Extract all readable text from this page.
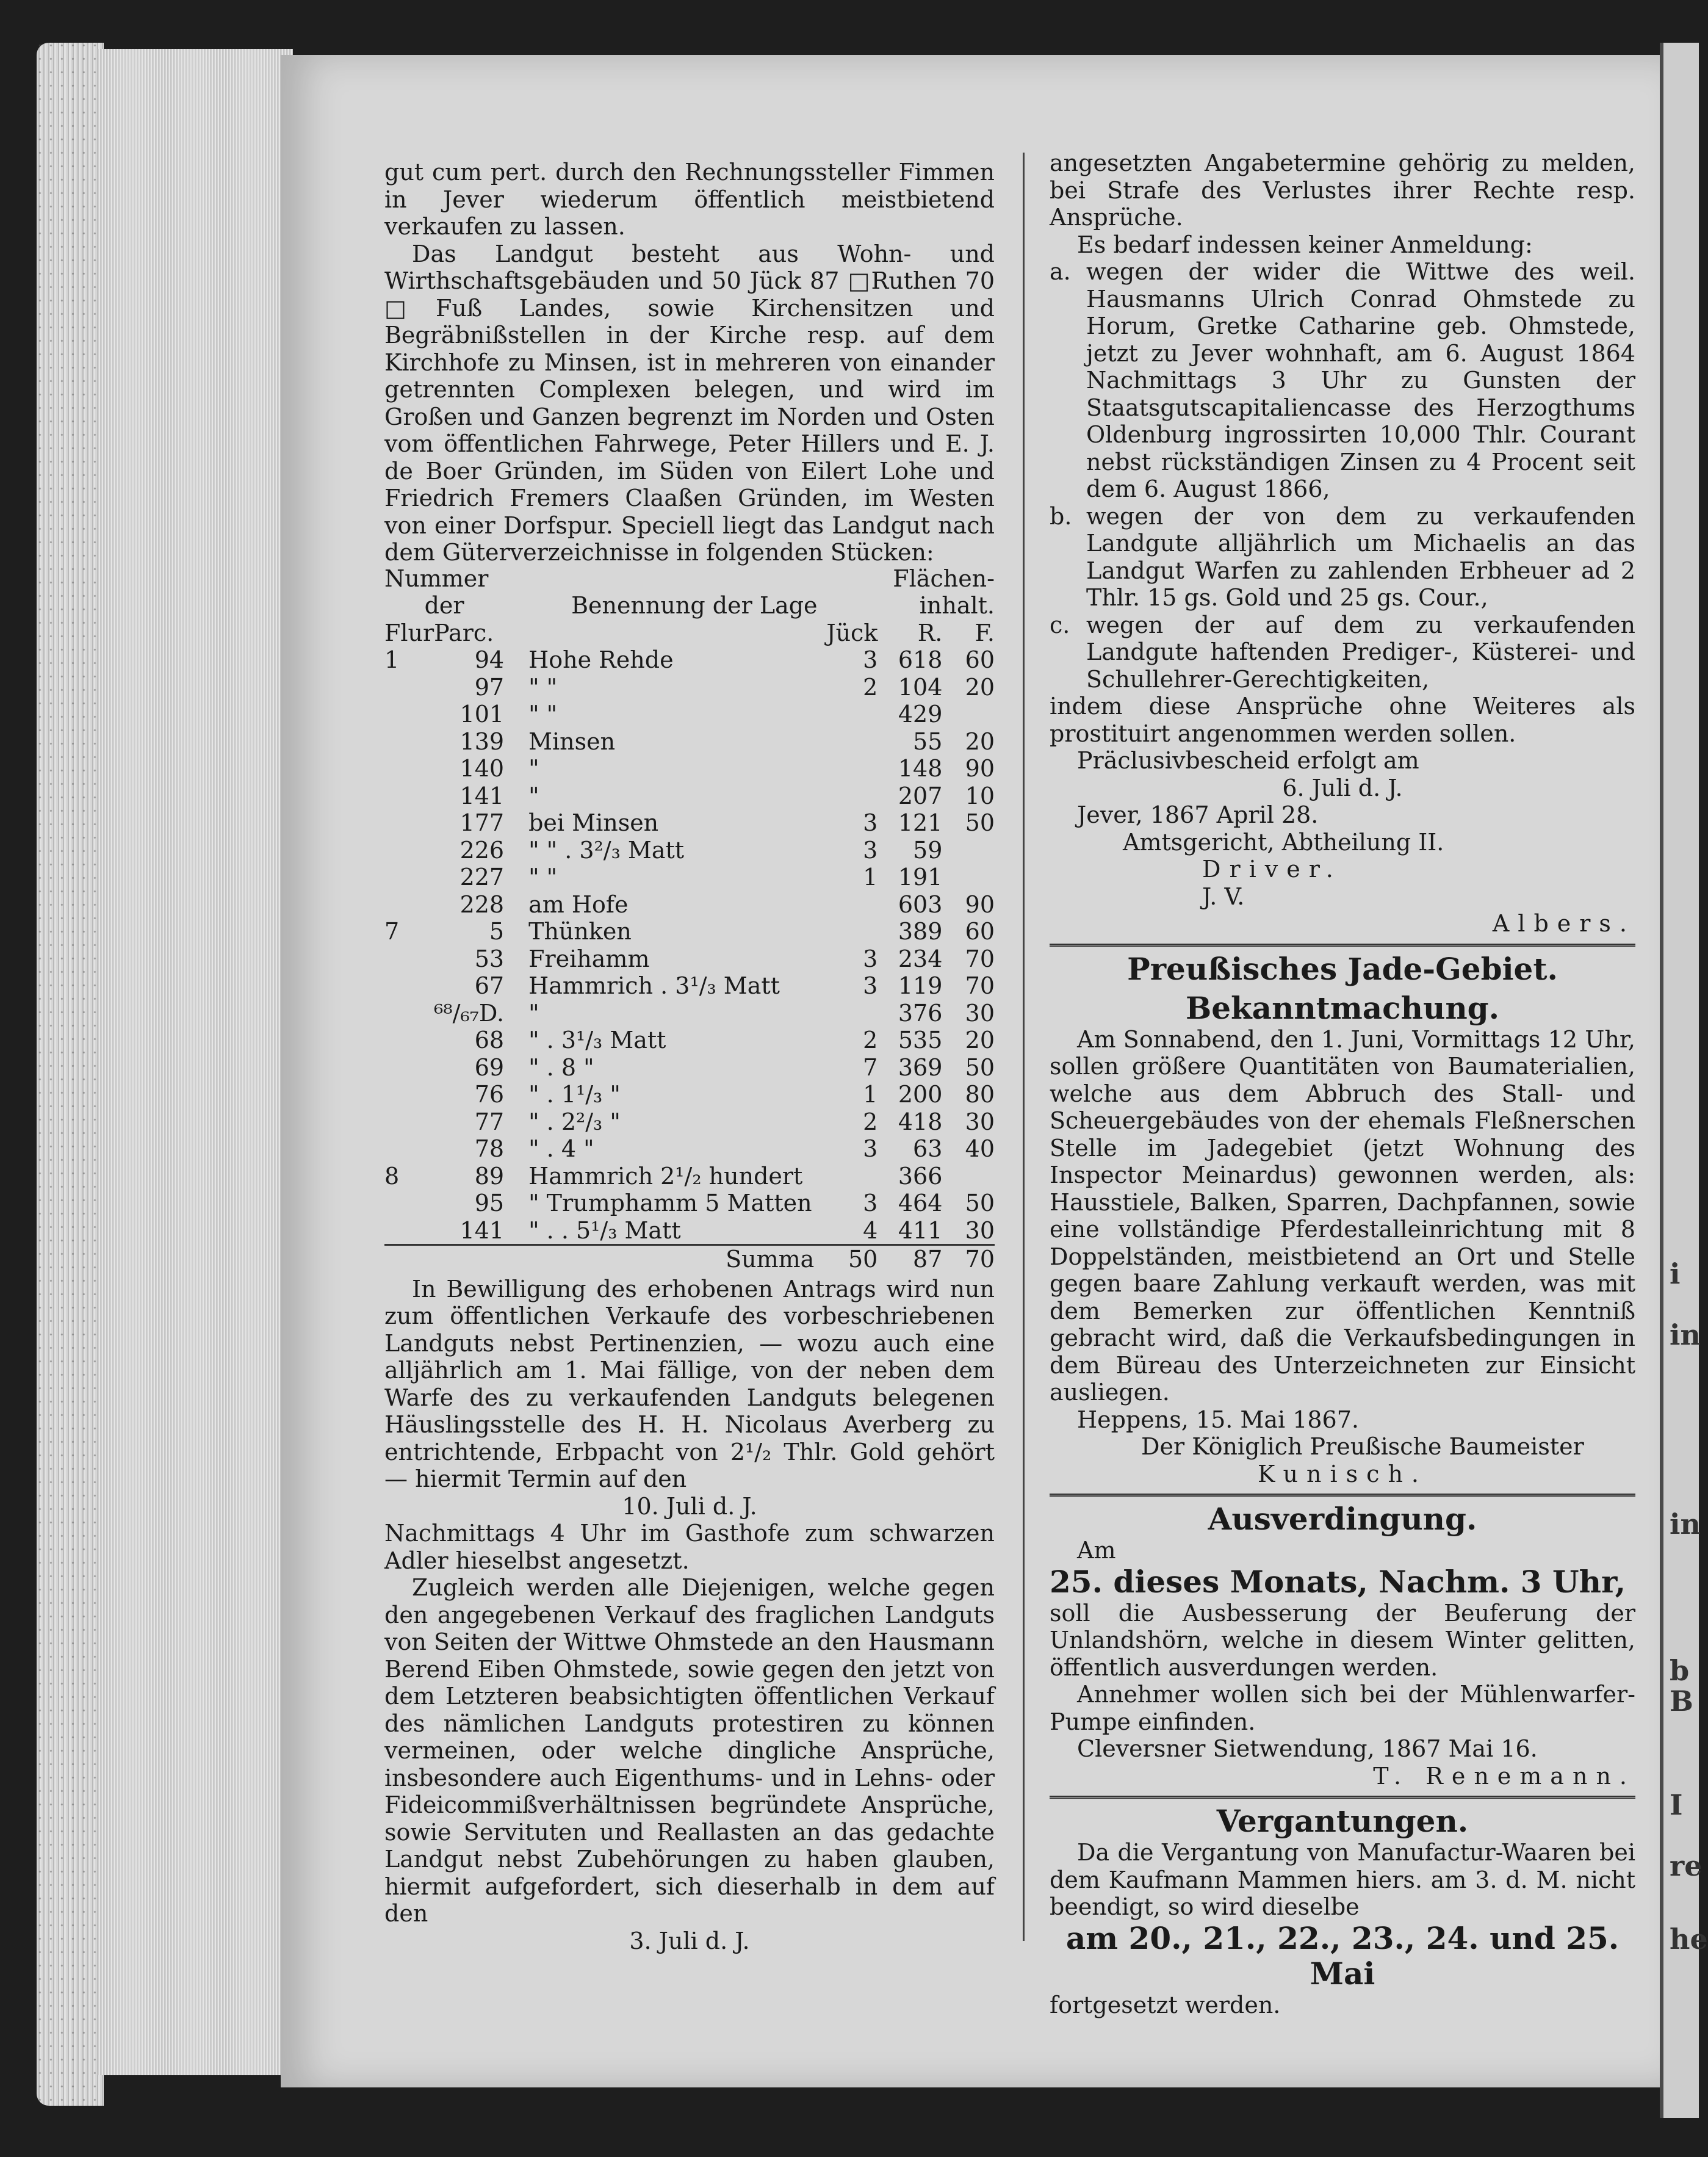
i
in
in
b
B
I
re
he

gut cum pert. durch den Rechnungssteller Fimmen in Jever wiederum öffentlich meistbietend verkaufen zu lassen.

Das Landgut besteht aus Wohn- und Wirthschaftsgebäuden und 50 Jück 87 □Ruthen 70 □Fuß Landes, sowie Kirchensitzen und Begräbnißstellen in der Kirche resp. auf dem Kirchhofe zu Minsen, ist in mehreren von einander getrennten Complexen belegen, und wird im Großen und Ganzen begrenzt im Norden und Osten vom öffentlichen Fahrwege, Peter Hillers und E. J. de Boer Gründen, im Süden von Eilert Lohe und Friedrich Fremers Claaßen Gründen, im Westen von einer Dorfspur. Speciell liegt das Landgut nach dem Güterverzeichnisse in folgenden Stücken:

Nummer			Flächen-		
der		Benennung der Lage	inhalt.		
Flur	Parc.		Jück	R.	F.
1	94	Hohe Rehde	3	618	60
	97	" "	2	104	20
	101	" "		429	
	139	Minsen		55	20
	140	"		148	90
	141	"		207	10
	177	bei Minsen	3	121	50
	226	" " . 3²/₃ Matt	3	59	
	227	" "	1	191	
	228	am Hofe		603	90
7	5	Thünken		389	60
	53	Freihamm	3	234	70
	67	Hammrich . 3¹/₃ Matt	3	119	70
	⁶⁸/₆₇D.	"		376	30
	68	" . 3¹/₃ Matt	2	535	20
	69	" . 8 "	7	369	50
	76	" . 1¹/₃ "	1	200	80
	77	" . 2²/₃ "	2	418	30
	78	" . 4 "	3	63	40
8	89	Hammrich 2¹/₂ hundert		366	
	95	" Trumphamm 5 Matten	3	464	50
	141	" . . 5¹/₃ Matt	4	411	30
		Summa	50	87	70

In Bewilligung des erhobenen Antrags wird nun zum öffentlichen Verkaufe des vorbeschriebenen Landguts nebst Pertinenzien, — wozu auch eine alljährlich am 1. Mai fällige, von der neben dem Warfe des zu verkaufenden Landguts belegenen Häuslingsstelle des H. H. Nicolaus Averberg zu entrichtende, Erbpacht von 2¹/₂ Thlr. Gold gehört — hiermit Termin auf den

10. Juli d. J.

Nachmittags 4 Uhr im Gasthofe zum schwarzen Adler hieselbst angesetzt.

Zugleich werden alle Diejenigen, welche gegen den angegebenen Verkauf des fraglichen Landguts von Seiten der Wittwe Ohmstede an den Hausmann Berend Eiben Ohmstede, sowie gegen den jetzt von dem Letzteren beabsichtigten öffentlichen Verkauf des nämlichen Landguts protestiren zu können vermeinen, oder welche dingliche Ansprüche, insbesondere auch Eigenthums- und in Lehns- oder Fideicommißverhältnissen begründete Ansprüche, sowie Servituten und Reallasten an das gedachte Landgut nebst Zubehörungen zu haben glauben, hiermit aufgefordert, sich dieserhalb in dem auf den

3. Juli d. J.

angesetzten Angabetermine gehörig zu melden, bei Strafe des Verlustes ihrer Rechte resp. Ansprüche.

Es bedarf indessen keiner Anmeldung:

a. wegen der wider die Wittwe des weil. Hausmanns Ulrich Conrad Ohmstede zu Horum, Gretke Catharine geb. Ohmstede, jetzt zu Jever wohnhaft, am 6. August 1864 Nachmittags 3 Uhr zu Gunsten der Staatsgutscapitaliencasse des Herzogthums Oldenburg ingrossirten 10,000 Thlr. Courant nebst rückständigen Zinsen zu 4 Procent seit dem 6. August 1866,
b. wegen der von dem zu verkaufenden Landgute alljährlich um Michaelis an das Landgut Warfen zu zahlenden Erbheuer ad 2 Thlr. 15 gs. Gold und 25 gs. Cour.,
c. wegen der auf dem zu verkaufenden Landgute haftenden Prediger-, Küsterei- und Schullehrer-Gerechtigkeiten,

indem diese Ansprüche ohne Weiteres als prostituirt angenommen werden sollen.

Präclusivbescheid erfolgt am

6. Juli d. J.

Jever, 1867 April 28.

Amtsgericht, Abtheilung II.

Driver.

J. V.

Albers.

Preußisches Jade-Gebiet.

Bekanntmachung.

Am Sonnabend, den 1. Juni, Vormittags 12 Uhr, sollen größere Quantitäten von Baumaterialien, welche aus dem Abbruch des Stall- und Scheuergebäudes von der ehemals Fleßnerschen Stelle im Jadegebiet (jetzt Wohnung des Inspector Meinardus) gewonnen werden, als: Hausstiele, Balken, Sparren, Dachpfannen, sowie eine vollständige Pferdestalleinrichtung mit 8 Doppelständen, meistbietend an Ort und Stelle gegen baare Zahlung verkauft werden, was mit dem Bemerken zur öffentlichen Kenntniß gebracht wird, daß die Verkaufsbedingungen in dem Büreau des Unterzeichneten zur Einsicht ausliegen.

Heppens, 15. Mai 1867.

Der Königlich Preußische Baumeister

Kunisch.

Ausverdingung.

Am

25. dieses Monats, Nachm. 3 Uhr,

soll die Ausbesserung der Beuferung der Unlandshörn, welche in diesem Winter gelitten, öffentlich ausverdungen werden.

Annehmer wollen sich bei der Mühlenwarfer-Pumpe einfinden.

Cleversner Sietwendung, 1867 Mai 16.

T. Renemann.

Vergantungen.

Da die Vergantung von Manufactur-Waaren bei dem Kaufmann Mammen hiers. am 3. d. M. nicht beendigt, so wird dieselbe

am 20., 21., 22., 23., 24. und 25. Mai

fortgesetzt werden.
